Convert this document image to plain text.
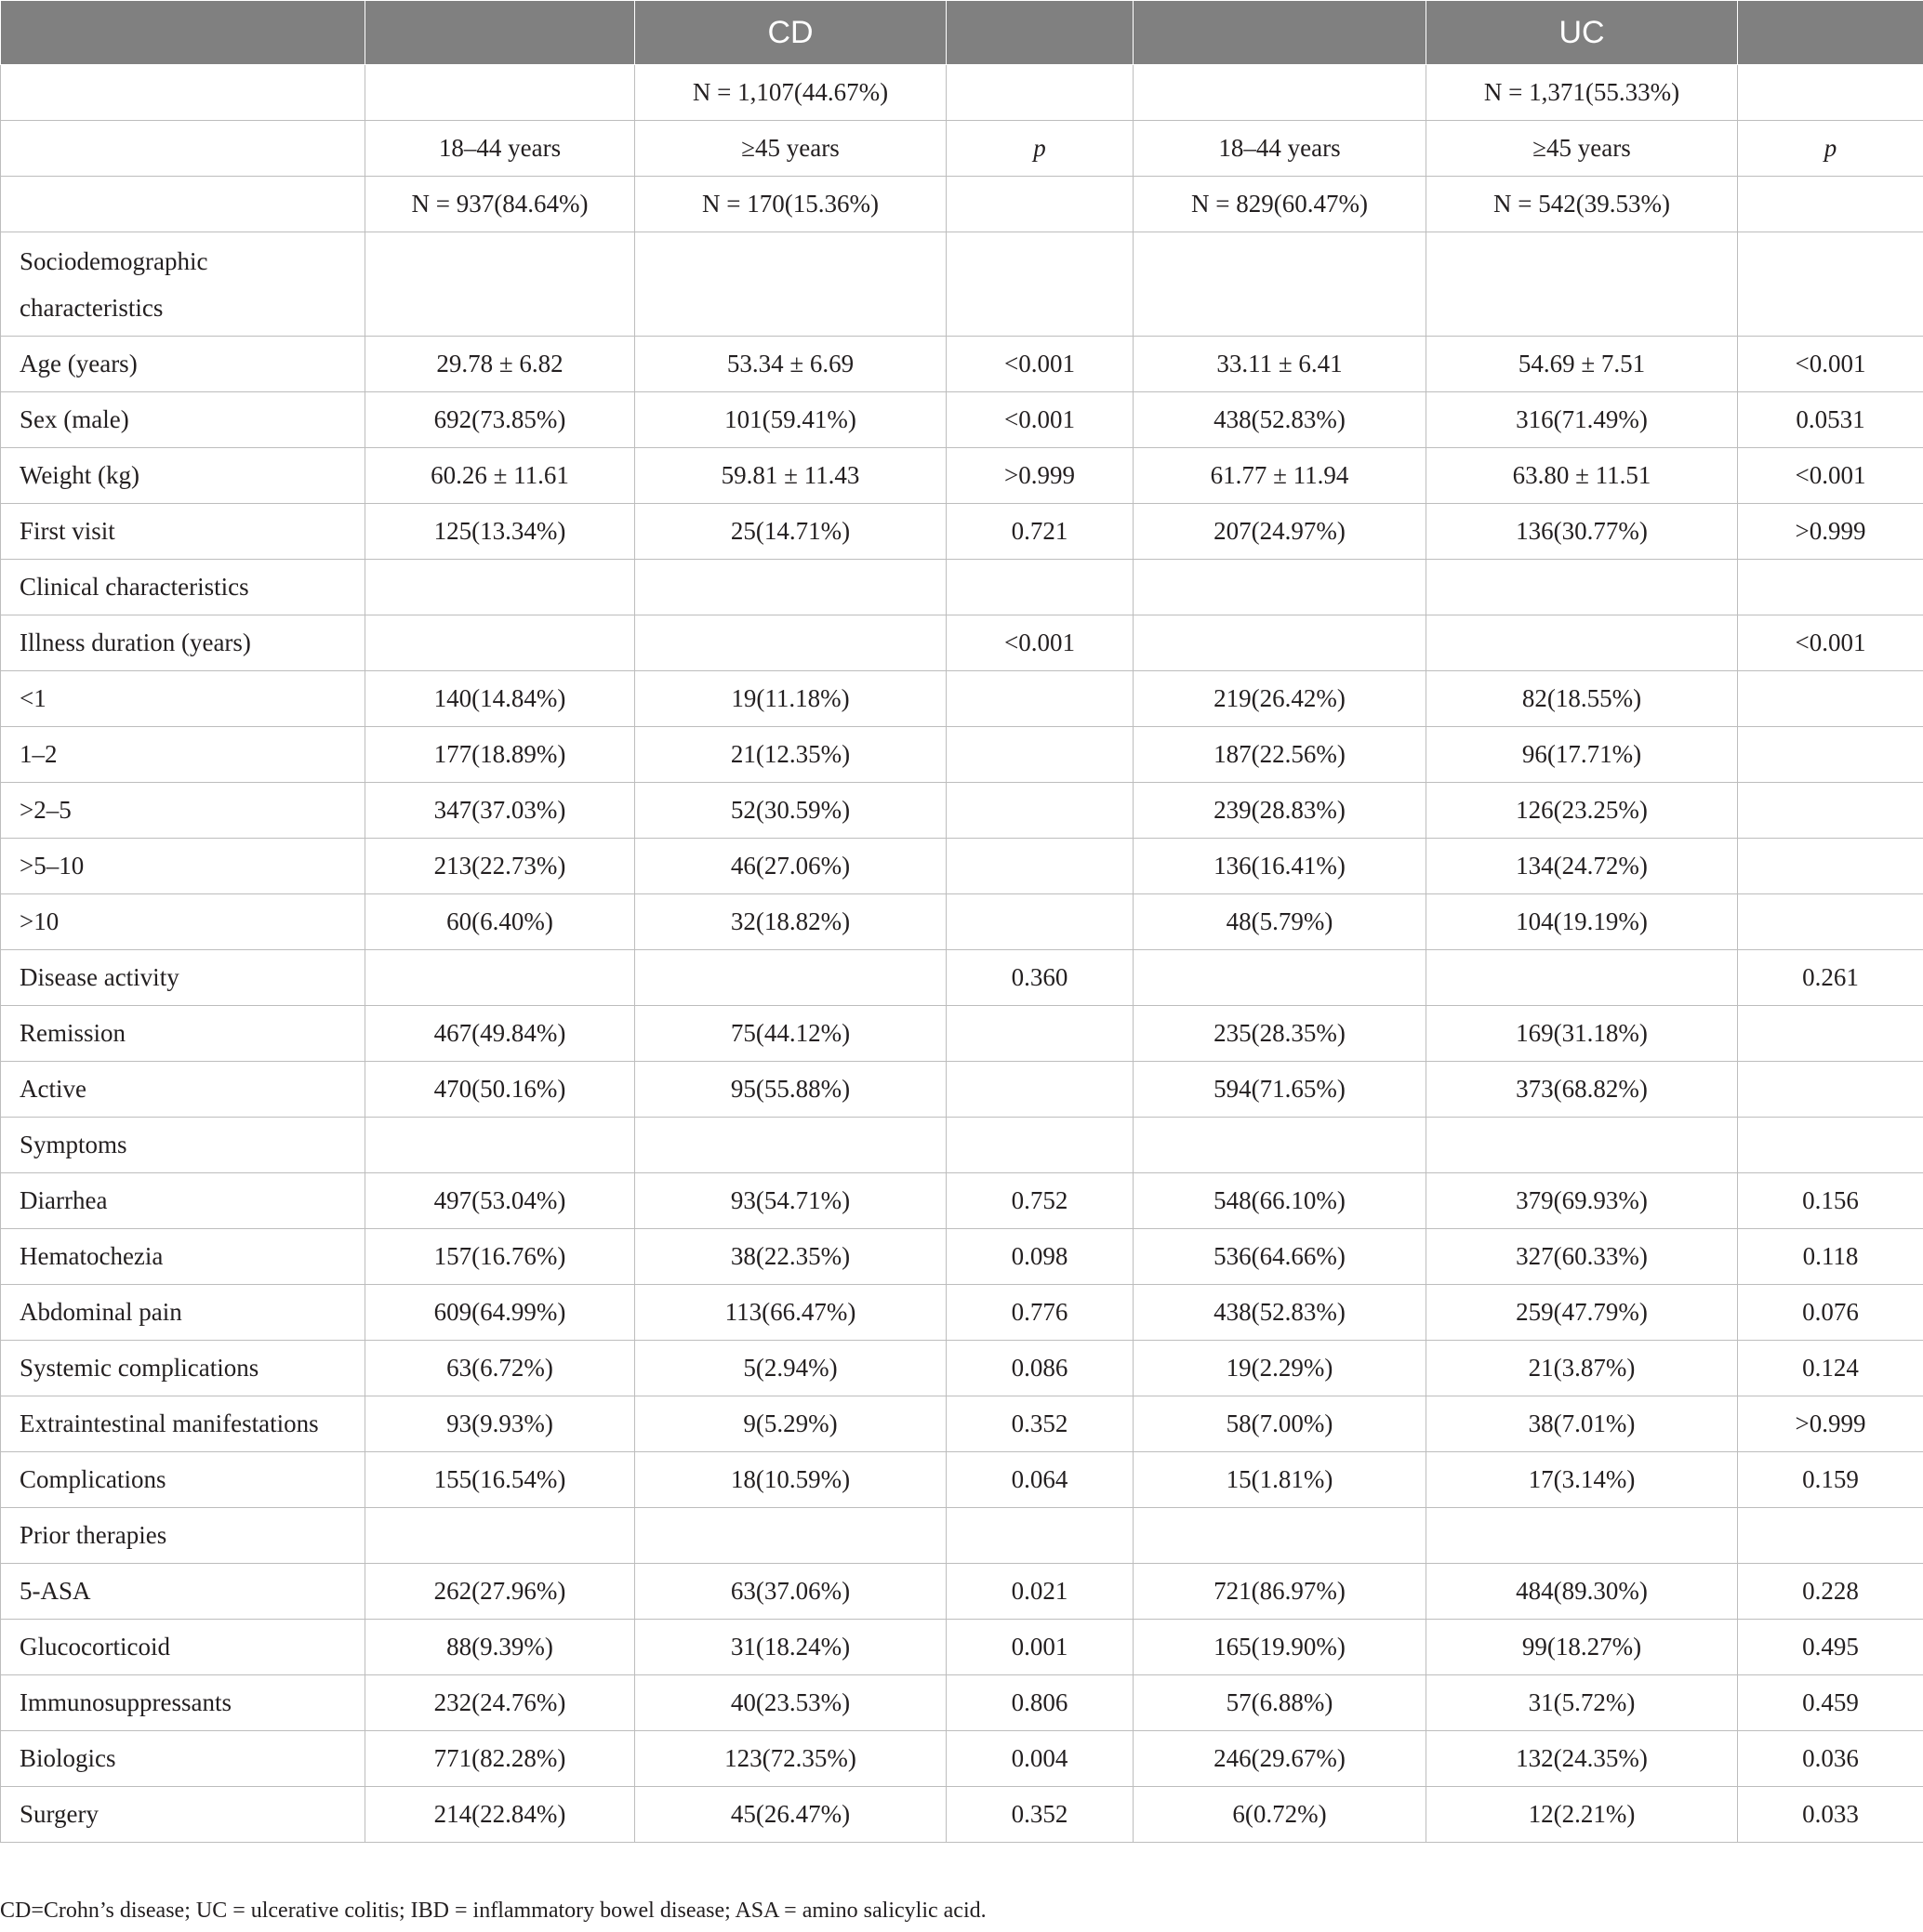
		CD			UC	
		N = 1,107(44.67%)			N = 1,371(55.33%)	
	18–44 years	≥45 years	p	18–44 years	≥45 years	p
	N = 937(84.64%)	N = 170(15.36%)		N = 829(60.47%)	N = 542(39.53%)	
Sociodemographic characteristics						
Age (years)	29.78 ± 6.82	53.34 ± 6.69	<0.001	33.11 ± 6.41	54.69 ± 7.51	<0.001
Sex (male)	692(73.85%)	101(59.41%)	<0.001	438(52.83%)	316(71.49%)	0.0531
Weight (kg)	60.26 ± 11.61	59.81 ± 11.43	>0.999	61.77 ± 11.94	63.80 ± 11.51	<0.001
First visit	125(13.34%)	25(14.71%)	0.721	207(24.97%)	136(30.77%)	>0.999
Clinical characteristics						
Illness duration (years)			<0.001			<0.001
<1	140(14.84%)	19(11.18%)		219(26.42%)	82(18.55%)	
1–2	177(18.89%)	21(12.35%)		187(22.56%)	96(17.71%)	
>2–5	347(37.03%)	52(30.59%)		239(28.83%)	126(23.25%)	
>5–10	213(22.73%)	46(27.06%)		136(16.41%)	134(24.72%)	
>10	60(6.40%)	32(18.82%)		48(5.79%)	104(19.19%)	
Disease activity			0.360			0.261
Remission	467(49.84%)	75(44.12%)		235(28.35%)	169(31.18%)	
Active	470(50.16%)	95(55.88%)		594(71.65%)	373(68.82%)	
Symptoms						
Diarrhea	497(53.04%)	93(54.71%)	0.752	548(66.10%)	379(69.93%)	0.156
Hematochezia	157(16.76%)	38(22.35%)	0.098	536(64.66%)	327(60.33%)	0.118
Abdominal pain	609(64.99%)	113(66.47%)	0.776	438(52.83%)	259(47.79%)	0.076
Systemic complications	63(6.72%)	5(2.94%)	0.086	19(2.29%)	21(3.87%)	0.124
Extraintestinal manifestations	93(9.93%)	9(5.29%)	0.352	58(7.00%)	38(7.01%)	>0.999
Complications	155(16.54%)	18(10.59%)	0.064	15(1.81%)	17(3.14%)	0.159
Prior therapies						
5-ASA	262(27.96%)	63(37.06%)	0.021	721(86.97%)	484(89.30%)	0.228
Glucocorticoid	88(9.39%)	31(18.24%)	0.001	165(19.90%)	99(18.27%)	0.495
Immunosuppressants	232(24.76%)	40(23.53%)	0.806	57(6.88%)	31(5.72%)	0.459
Biologics	771(82.28%)	123(72.35%)	0.004	246(29.67%)	132(24.35%)	0.036
Surgery	214(22.84%)	45(26.47%)	0.352	6(0.72%)	12(2.21%)	0.033
CD=Crohn’s disease; UC = ulcerative colitis; IBD = inflammatory bowel disease; ASA = amino salicylic acid.
